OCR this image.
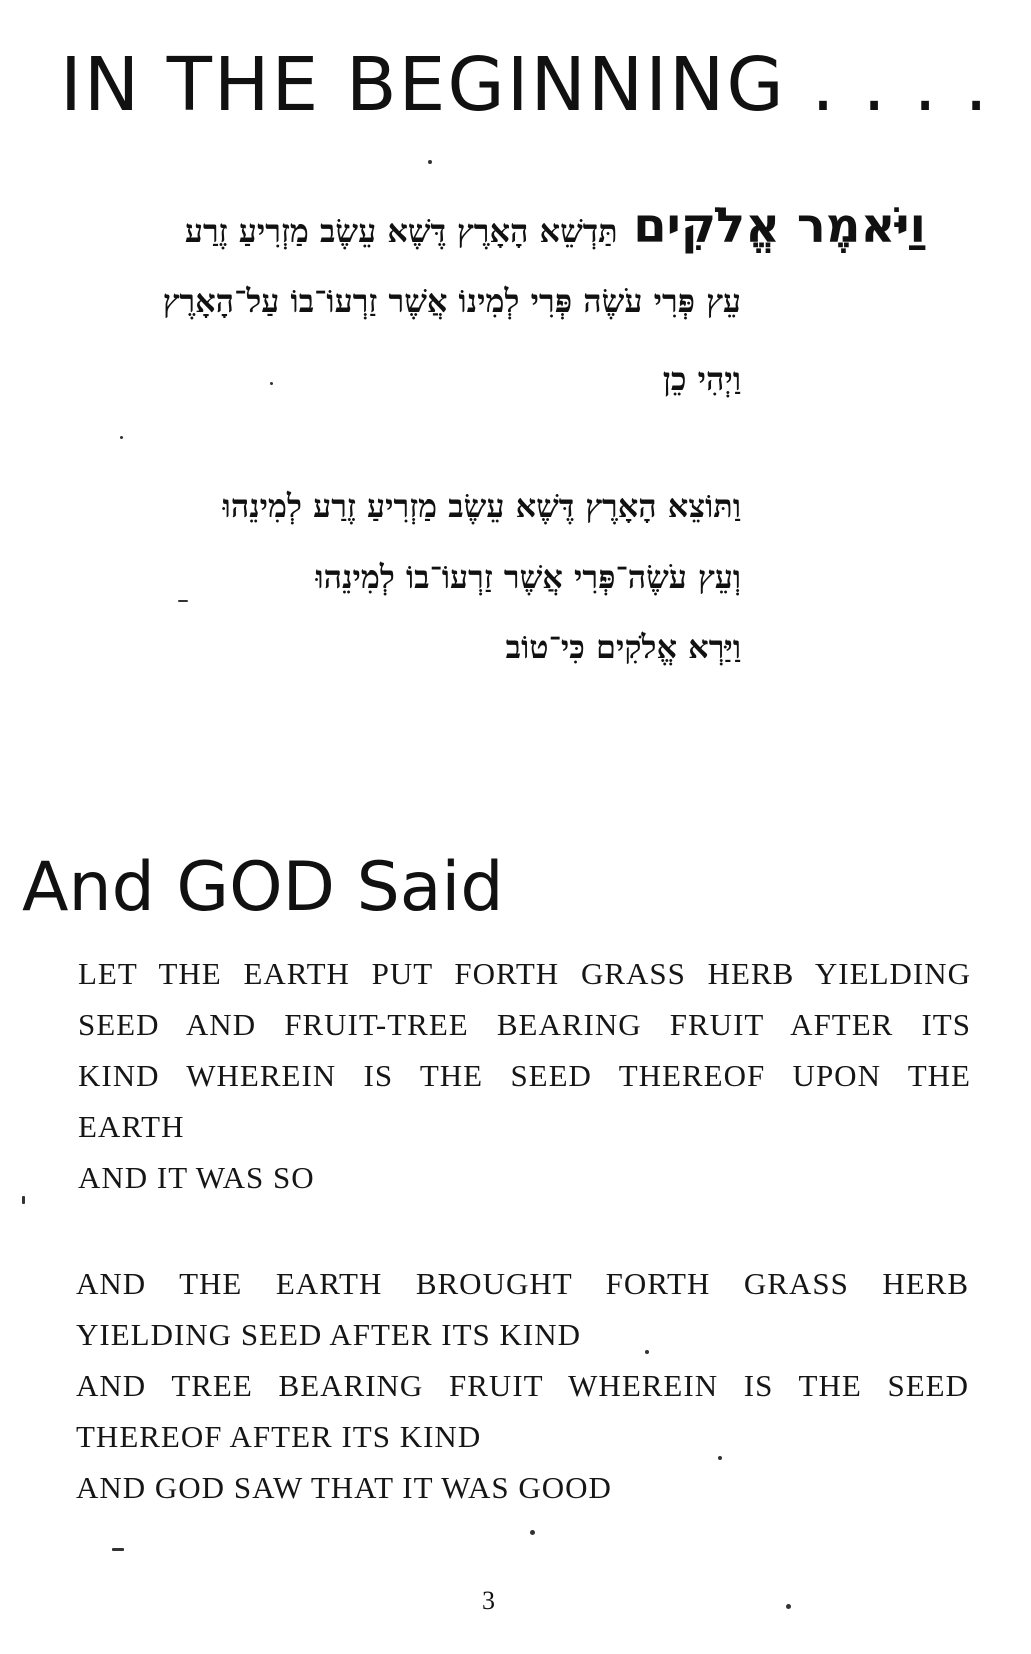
IN THE BEGINNING . . . .
וַיֹּאמֶר אֱלֹקִים תַּדְשֵׁא הָאָרֶץ דֶּשֶׁא עֵשֶׂב מַזְרִיעַ זֶרַע
עֵץ פְּרִי עֹשֶׂה פְּרִי לְמִינוֹ אֲשֶׁר זַרְעוֹ־בוֹ עַל־הָאָרֶץ
וַיְהִי כֵן
וַתּוֹצֵא הָאָרֶץ דֶּשֶׁא עֵשֶׂב מַזְרִיעַ זֶרַע לְמִינֵהוּ
וְעֵץ עֹשֶׂה־פְּרִי אֲשֶׁר זַרְעוֹ־בוֹ לְמִינֵהוּ
וַיַּרְא אֱלֹקִים כִּי־טוֹב
And GOD Said
LET THE EARTH PUT FORTH GRASS HERB YIELDING
SEED AND FRUIT-TREE BEARING FRUIT AFTER ITS
KIND WHEREIN IS THE SEED THEREOF UPON THE
EARTH
AND IT WAS SO
AND THE EARTH BROUGHT FORTH GRASS HERB
YIELDING SEED AFTER ITS KIND
AND TREE BEARING FRUIT WHEREIN IS THE SEED
THEREOF AFTER ITS KIND
AND GOD SAW THAT IT WAS GOOD
3
